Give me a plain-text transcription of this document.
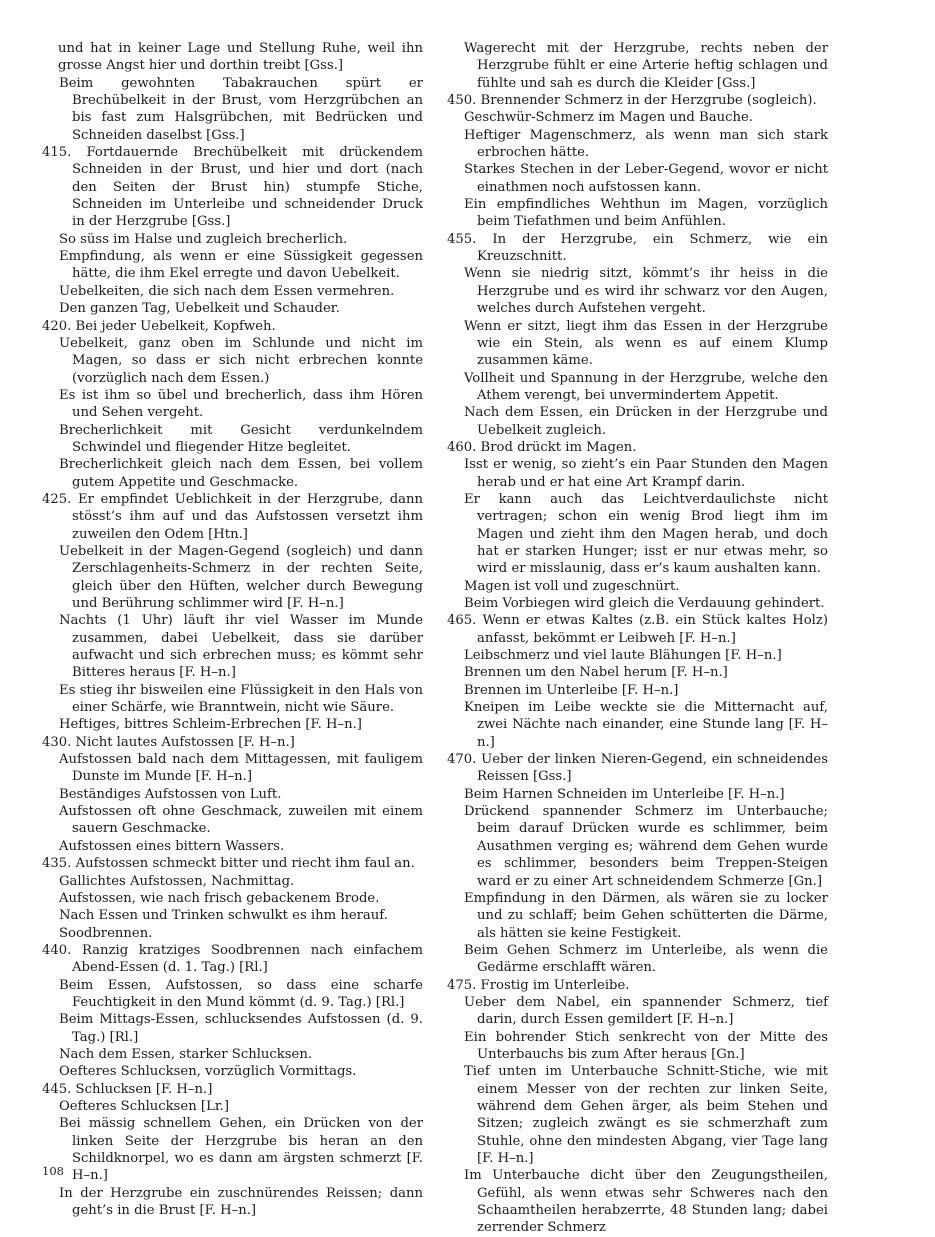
und hat in keiner Lage und Stellung Ruhe, weil ihn grosse Angst hier und dorthin treibt [Gss.]

Beim gewohnten Tabakrauchen spürt er Brechübelkeit in der Brust, vom Herzgrübchen an bis fast zum Halsgrübchen, mit Bedrücken und Schneiden daselbst [Gss.]

415. Fortdauernde Brechübelkeit mit drückendem Schneiden in der Brust, und hier und dort (nach den Seiten der Brust hin) stumpfe Stiche, Schneiden im Unterleibe und schneidender Druck in der Herzgrube [Gss.]

So süss im Halse und zugleich brecherlich.

Empfindung, als wenn er eine Süssigkeit gegessen hätte, die ihm Ekel erregte und davon Uebelkeit.

Uebelkeiten, die sich nach dem Essen vermehren.

Den ganzen Tag, Uebelkeit und Schauder.

420. Bei jeder Uebelkeit, Kopfweh.

Uebelkeit, ganz oben im Schlunde und nicht im Magen, so dass er sich nicht erbrechen konnte (vorzüglich nach dem Essen.)

Es ist ihm so übel und brecherlich, dass ihm Hören und Sehen vergeht.

Brecherlichkeit mit Gesicht verdunkelndem Schwindel und fliegender Hitze begleitet.

Brecherlichkeit gleich nach dem Essen, bei vollem gutem Appetite und Geschmacke.

425. Er empfindet Ueblichkeit in der Herzgrube, dann stösst’s ihm auf und das Aufstossen versetzt ihm zuweilen den Odem [Htn.]

Uebelkeit in der Magen-Gegend (sogleich) und dann Zerschlagenheits-Schmerz in der rechten Seite, gleich über den Hüften, welcher durch Bewegung und Berührung schlimmer wird [F. H–n.]

Nachts (1 Uhr) läuft ihr viel Wasser im Munde zusammen, dabei Uebelkeit, dass sie darüber aufwacht und sich erbrechen muss; es kömmt sehr Bitteres heraus [F. H–n.]

Es stieg ihr bisweilen eine Flüssigkeit in den Hals von einer Schärfe, wie Branntwein, nicht wie Säure.

Heftiges, bittres Schleim-Erbrechen [F. H–n.]

430. Nicht lautes Aufstossen [F. H–n.]

Aufstossen bald nach dem Mittagessen, mit fauligem Dunste im Munde [F. H–n.]

Beständiges Aufstossen von Luft.

Aufstossen oft ohne Geschmack, zuweilen mit einem sauern Geschmacke.

Aufstossen eines bittern Wassers.

435. Aufstossen schmeckt bitter und riecht ihm faul an.

Gallichtes Aufstossen, Nachmittag.

Aufstossen, wie nach frisch gebackenem Brode.

Nach Essen und Trinken schwulkt es ihm herauf.

Soodbrennen.

440. Ranzig kratziges Soodbrennen nach einfachem Abend-Essen (d. 1. Tag.) [Rl.]

Beim Essen, Aufstossen, so dass eine scharfe Feuchtigkeit in den Mund kömmt (d. 9. Tag.) [Rl.]

Beim Mittags-Essen, schlucksendes Aufstossen (d. 9. Tag.) [Rl.]

Nach dem Essen, starker Schlucksen.

Oefteres Schlucksen, vorzüglich Vormittags.

445. Schlucksen [F. H–n.]

Oefteres Schlucksen [Lr.]

Bei mässig schnellem Gehen, ein Drücken von der linken Seite der Herzgrube bis heran an den Schildknorpel, wo es dann am ärgsten schmerzt [F. H–n.]

In der Herzgrube ein zuschnürendes Reissen; dann geht’s in die Brust [F. H–n.]

Wagerecht mit der Herzgrube, rechts neben der Herzgrube fühlt er eine Arterie heftig schlagen und fühlte und sah es durch die Kleider [Gss.]

450. Brennender Schmerz in der Herzgrube (sogleich).

Geschwür-Schmerz im Magen und Bauche.

Heftiger Magenschmerz, als wenn man sich stark erbrochen hätte.

Starkes Stechen in der Leber-Gegend, wovor er nicht einathmen noch aufstossen kann.

Ein empfindliches Wehthun im Magen, vorzüglich beim Tiefathmen und beim Anfühlen.

455. In der Herzgrube, ein Schmerz, wie ein Kreuzschnitt.

Wenn sie niedrig sitzt, kömmt’s ihr heiss in die Herzgrube und es wird ihr schwarz vor den Augen, welches durch Aufstehen vergeht.

Wenn er sitzt, liegt ihm das Essen in der Herzgrube wie ein Stein, als wenn es auf einem Klump zusammen käme.

Vollheit und Spannung in der Herzgrube, welche den Athem verengt, bei unvermindertem Appetit.

Nach dem Essen, ein Drücken in der Herzgrube und Uebelkeit zugleich.

460. Brod drückt im Magen.

Isst er wenig, so zieht’s ein Paar Stunden den Magen herab und er hat eine Art Krampf darin.

Er kann auch das Leichtverdaulichste nicht vertragen; schon ein wenig Brod liegt ihm im Magen und zieht ihm den Magen herab, und doch hat er starken Hunger; isst er nur etwas mehr, so wird er misslaunig, dass er’s kaum aushalten kann.

Magen ist voll und zugeschnürt.

Beim Vorbiegen wird gleich die Verdauung gehindert.

465. Wenn er etwas Kaltes (z.B. ein Stück kaltes Holz) anfasst, bekömmt er Leibweh [F. H–n.]

Leibschmerz und viel laute Blähungen [F. H–n.]

Brennen um den Nabel herum [F. H–n.]

Brennen im Unterleibe [F. H–n.]

Kneipen im Leibe weckte sie die Mitternacht auf, zwei Nächte nach einander, eine Stunde lang [F. H–n.]

470. Ueber der linken Nieren-Gegend, ein schneidendes Reissen [Gss.]

Beim Harnen Schneiden im Unterleibe [F. H–n.]

Drückend spannender Schmerz im Unterbauche; beim darauf Drücken wurde es schlimmer, beim Ausathmen verging es; während dem Gehen wurde es schlimmer, besonders beim Treppen-Steigen ward er zu einer Art schneidendem Schmerze [Gn.]

Empfindung in den Därmen, als wären sie zu locker und zu schlaff; beim Gehen schütterten die Därme, als hätten sie keine Festigkeit.

Beim Gehen Schmerz im Unterleibe, als wenn die Gedärme erschlafft wären.

475. Frostig im Unterleibe.

Ueber dem Nabel, ein spannender Schmerz, tief darin, durch Essen gemildert [F. H–n.]

Ein bohrender Stich senkrecht von der Mitte des Unterbauchs bis zum After heraus [Gn.]

Tief unten im Unterbauche Schnitt-Stiche, wie mit einem Messer von der rechten zur linken Seite, während dem Gehen ärger, als beim Stehen und Sitzen; zugleich zwängt es sie schmerzhaft zum Stuhle, ohne den mindesten Abgang, vier Tage lang [F. H–n.]

Im Unterbauche dicht über den Zeugungstheilen, Gefühl, als wenn etwas sehr Schweres nach den Schaamtheilen herabzerrte, 48 Stunden lang; dabei zerrender Schmerz

108
